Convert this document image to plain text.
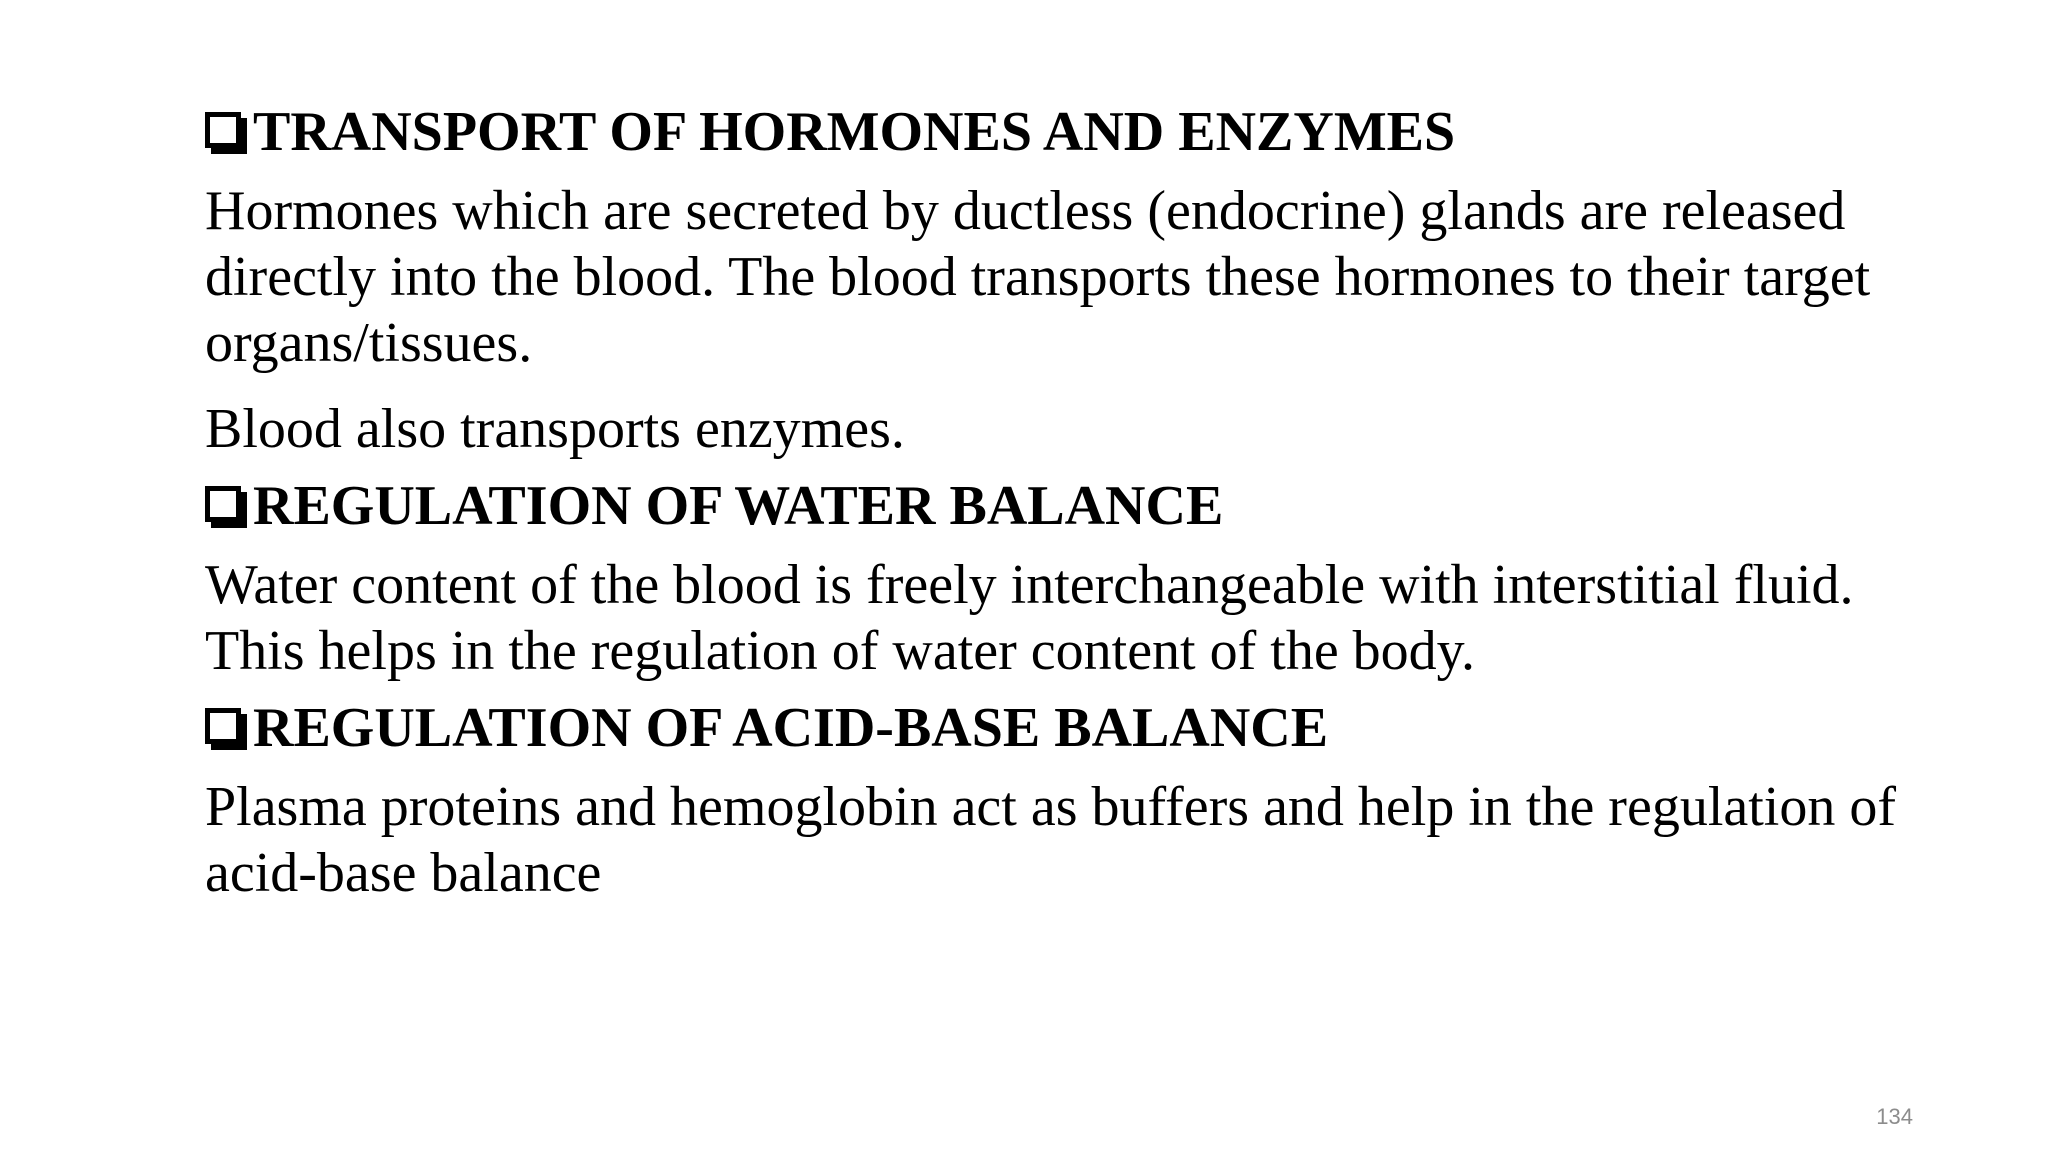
TRANSPORT OF HORMONES AND ENZYMES

Hormones which are secreted by ductless (endocrine) glands are released directly into the blood. The blood transports these hormones to their target organs/tissues.

Blood also transports enzymes.

REGULATION OF WATER BALANCE

Water content of the blood is freely interchangeable with interstitial fluid. This helps in the regulation of water content of the body.

REGULATION OF ACID-BASE BALANCE

Plasma proteins and hemoglobin act as buffers and help in the regulation of acid-base balance

134
